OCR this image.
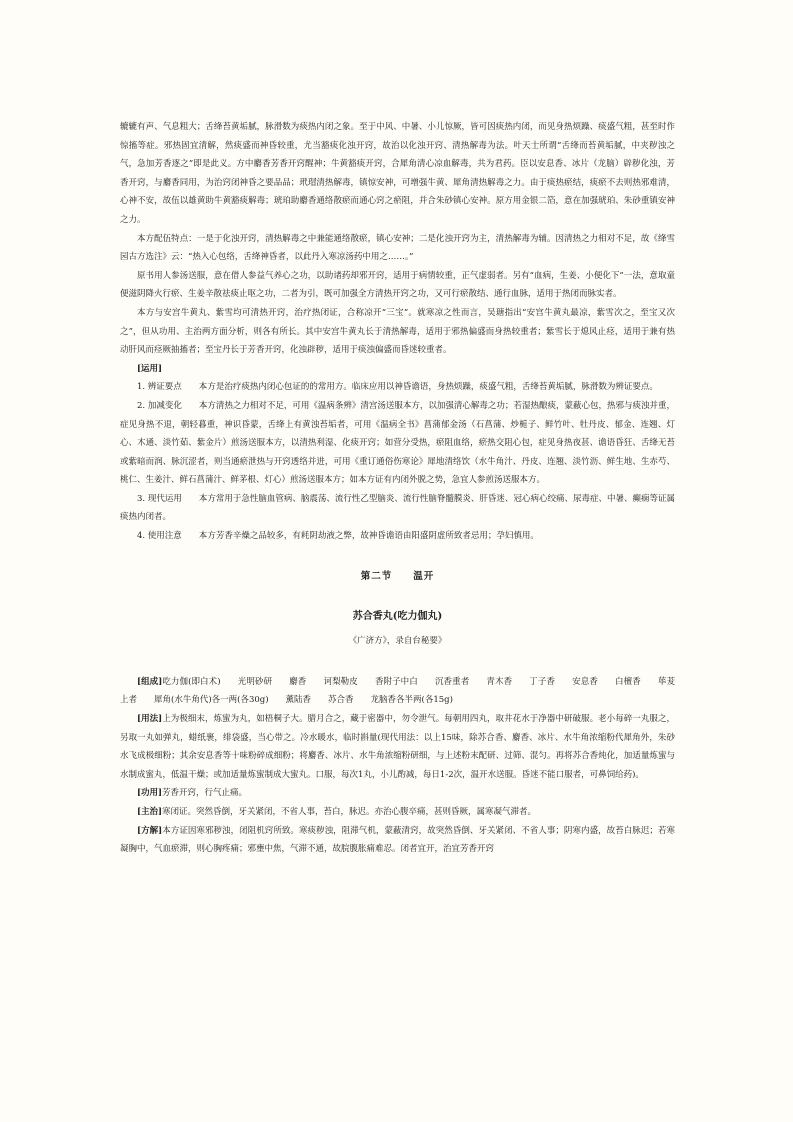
辘辘有声、气息粗大；舌绛苔黄垢腻，脉滑数为痰热内闭之象。至于中风、中暑、小儿惊厥，皆可因痰热内闭，而见身热烦躁、痰盛气粗，甚至时作惊搐等症。邪热固宜清解，然痰盛而神昏较重，尤当豁痰化浊开窍，故治以化浊开窍、清热解毒为法。叶天士所谓“舌绛而苔黄垢腻，中夹秽浊之气，急加芳香逐之”即是此义。方中麝香芳香开窍醒神；牛黄豁痰开窍，合犀角清心凉血解毒，共为君药。臣以安息香、冰片（龙脑）辟秽化浊，芳香开窍，与麝香同用，为治窍闭神昏之要品品；玳瑁清热解毒，镇惊安神，可增强牛黄、犀角清热解毒之力。由于痰热瘀结，痰瘀不去则热邪难清，心神不安，故伍以雄黄助牛黄豁痰解毒；琥珀助麝香通络散瘀而通心窍之瘀阻，并合朱砂镇心安神。原方用金银二箔，意在加强琥珀、朱砂重镇安神之力。

本方配伍特点：一是于化浊开窍，清热解毒之中兼能通络散瘀，镇心安神；二是化浊开窍为主，清热解毒为辅。因清热之力相对不足，故《绛雪园古方选注》云：“热入心包络，舌绛神昏者，以此丹入寒凉汤药中用之……。”

原书用人参汤送服，意在借人参益气养心之功，以助诸药却邪开窍，适用于病情较重，正气虚弱者。另有“血病，生姜、小便化下”一法，意取童便滋阴降火行瘀、生姜辛散祛痰止呕之功，二者为引，既可加强全方清热开窍之功，又可行瘀散结、通行血脉，适用于热闭而脉实者。

本方与安宫牛黄丸、紫雪均可清热开窍，治疗热闭证，合称凉开“三宝”。就寒凉之性而言，吴瑭指出“安宫牛黄丸最凉，紫雪次之，至宝又次之”，但从功用、主治两方面分析，则各有所长。其中安宫牛黄丸长于清热解毒，适用于邪热偏盛而身热较重者；紫雪长于熄风止痉，适用于兼有热动肝风而痉厥抽搐者；至宝丹长于芳香开窍，化浊辟秽，适用于痰浊偏盛而昏迷较重者。

[运用]

1. 辨证要点　　本方是治疗痰热内闭心包证的的常用方。临床应用以神昏谵语，身热烦躁，痰盛气粗，舌绛苔黄垢腻，脉滑数为辨证要点。

2. 加减变化　　本方清热之力相对不足，可用《温病条辨》清宫汤送服本方，以加强清心解毒之功；若湿热酿痰，蒙蔽心包，热邪与痰浊并重，症见身热不退，朝轻暮重，神识昏蒙，舌绛上有黄浊苔垢者，可用《温病全书》菖蒲郁金汤（石菖蒲、炒栀子、鲜竹叶、牡丹皮、郁金、连翘、灯心、木通、淡竹茹、紫金片）煎汤送服本方，以清热利湿、化痰开窍；如营分受热，瘀阻血络，瘀热交阻心包，症见身热夜甚、谵语昏狂、舌绛无苔或紫暗而润、脉沉涩者，则当通瘀泄热与开窍透络并进，可用《重订通俗伤寒论》犀地清络饮（水牛角汁、丹皮、连翘、淡竹沥、鲜生地、生赤芍、桃仁、生姜汁、鲜石菖蒲汁、鲜茅根、灯心）煎汤送服本方；如本方证有内闭外脱之势，急宜人参煎汤送服本方。

3. 现代运用　　本方常用于急性脑血管病、脑震荡、流行性乙型脑炎、流行性脑脊髓膜炎、肝昏迷、冠心病心绞痛、尿毒症、中暑、癫痫等证属痰热内闭者。

4. 使用注意　　本方芳香辛燥之品较多，有耗阴劫液之弊，故神昏谵语由阳盛阴虚所致者忌用；孕妇慎用。

第二节　　温开

苏合香丸(吃力伽丸)

《广济方》，录自台秘要》

[组成]吃力伽(即白术)　　光明砂研　　麝香　　诃梨勒皮　　香附子中白　　沉香重者　　青木香　　丁子香　　安息香　　白檀香　　荜茇上者　　犀角(水牛角代)各一两(各30g)　　薰陆香　　苏合香　　龙脑香各半两(各15g)

[用法]上为极细末，炼蜜为丸，如梧桐子大。腊月合之，藏于密器中，勿令泄气。每朝用四丸，取井花水于净器中研破服。老小每碎一丸服之，另取一丸如弹丸，蜡纸裹，绯袋盛，当心带之。冷水暖水，临时斟量(现代用法：以上15味，除苏合香、麝香、冰片、水牛角浓缩粉代犀角外，朱砂水飞成极细粉；其余安息香等十味粉碎成细粉；将麝香、冰片、水牛角浓缩粉研细，与上述粉末配研、过筛、混匀。再将苏合香炖化，加适量炼蜜与水制成蜜丸，低温干燥；或加适量炼蜜制成大蜜丸。口服，每次1丸，小儿酌减，每日1-2次，温开水送服。昏迷不能口服者，可鼻饲给药)。

[功用]芳香开窍，行气止痛。

[主治]寒闭证。突然昏倒，牙关紧闭，不省人事，苔白，脉迟。亦治心腹卒痛，甚则昏厥，属寒凝气滞者。

[方解]本方证因寒邪秽浊，闭阻机窍所致。寒痰秽浊，阻滞气机，蒙蔽清窍，故突然昏倒、牙关紧闭、不省人事；阴寒内盛，故苔白脉迟；若寒凝胸中，气血瘀滞，则心胸疼痛；邪壅中焦，气滞不通，故脘腹胀痛难忍。闭者宜开，治宜芳香开窍
